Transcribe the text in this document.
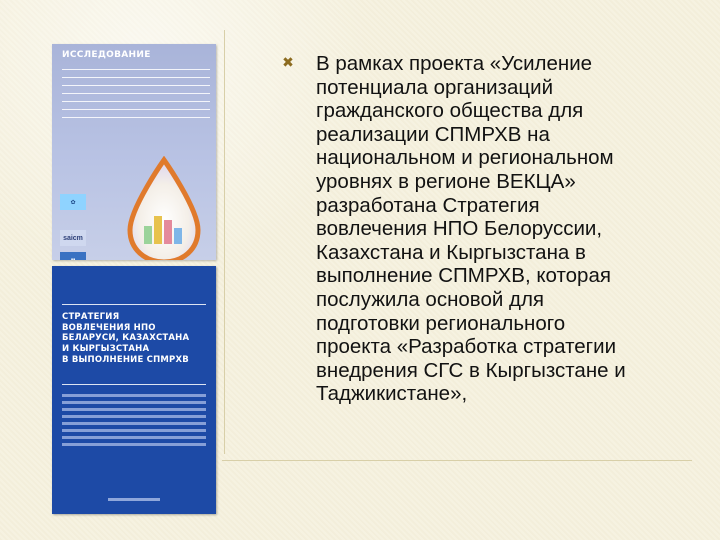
ИССЛЕДОВАНИЕ
✿
saicm
▪▪
СТРАТЕГИЯ
ВОВЛЕЧЕНИЯ НПО
БЕЛАРУСИ, КАЗАХСТАНА
И КЫРГЫЗСТАНА
В ВЫПОЛНЕНИЕ СПМРХВ
✖ В рамках проекта «Усиление
потенциала организаций
гражданского общества для
реализации СПМРХВ на
национальном и региональном
уровнях в регионе ВЕКЦА»
разработана Стратегия
вовлечения НПО Белоруссии,
Казахстана и Кыргызстана в
выполнение СПМРХВ, которая
послужила основой для
подготовки регионального
проекта «Разработка стратегии
внедрения СГС в Кыргызстане и
Таджикистане»,
